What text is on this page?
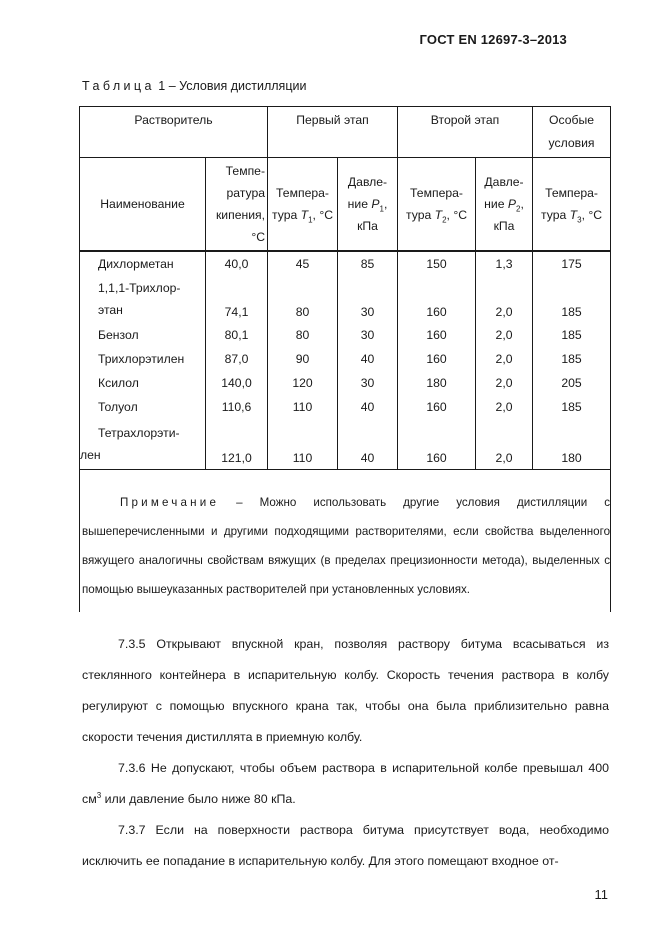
ГОСТ EN 12697-3–2013
Таблица 1 – Условия дистилляции
Растворитель		Первый этап		Второй этап		Особые условия
Наименование	Темпе-ратура кипения, °C	Темпера-тура $T_1$, °C	Давле-ние $P_1$, кПа	Темпера-тура $T_2$, °C	Давле-ние $P_2$, кПа	Темпера-тура $T_3$, °C
Дихлорметан	40,0	45	85	150	1,3	175
1,1,1-Трихлор-этан	74,1	80	30	160	2,0	185
Бензол	80,1	80	30	160	2,0	185
Трихлорэтилен	87,0	90	40	160	2,0	185
Ксилол	140,0	120	30	180	2,0	205
Толуол	110,6	110	40	160	2,0	185
Тетрахлорэти-лен	121,0	110	40	160	2,0	180
Примечание – Можно использовать другие условия дистилляции с вышеперечисленными и другими подходящими растворителями, если свойства выделенного вяжущего аналогичны свойствам вяжущих (в пределах прецизионности метода), выделенных с помощью вышеуказанных растворителей при установленных условиях.						

7.3.5 Открывают впускной кран, позволяя раствору битума всасываться из стеклянного контейнера в испарительную колбу. Скорость течения раствора в колбу регулируют с помощью впускного крана так, чтобы она была приблизительно равна скорости течения дистиллята в приемную колбу.

7.3.6 Не допускают, чтобы объем раствора в испарительной колбе превышал 400 $см^3$ или давление было ниже 80 кПа.

7.3.7 Если на поверхности раствора битума присутствует вода, необходимо исключить ее попадание в испарительную колбу. Для этого помещают входное от-

11
